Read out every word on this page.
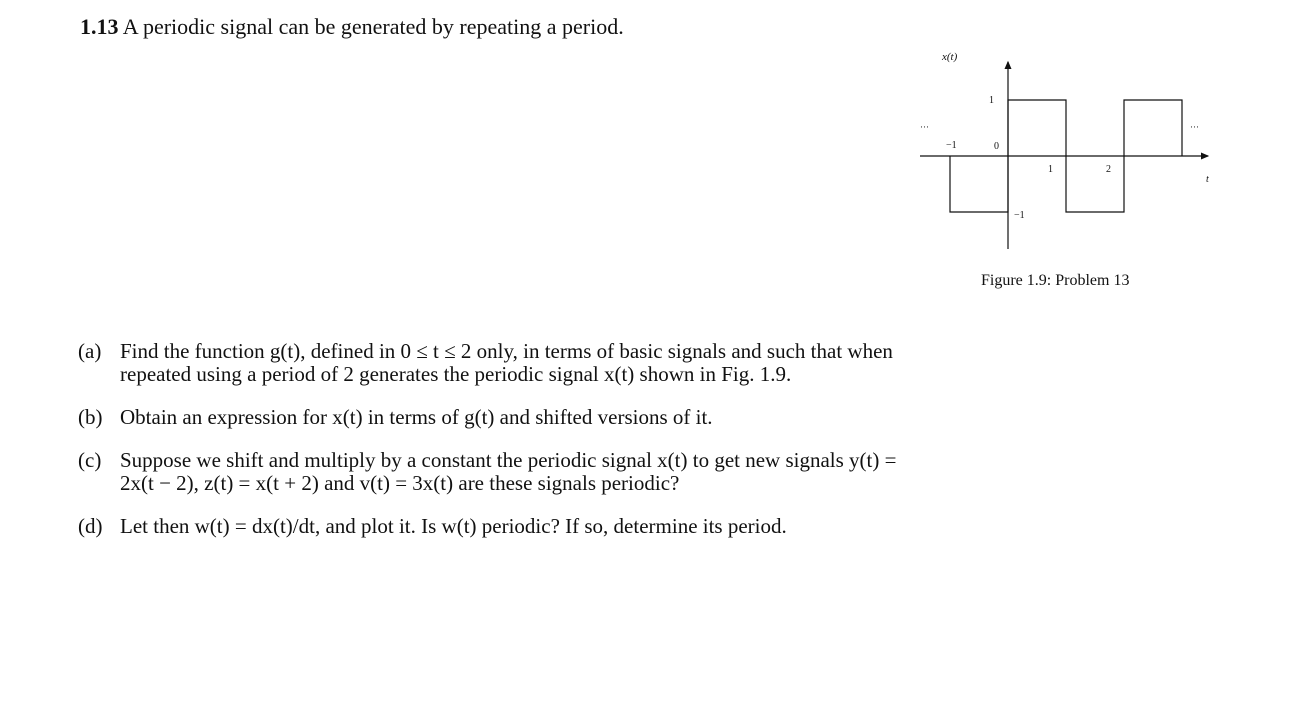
1.13 A periodic signal can be generated by repeating a period.
x(t)
t
1
−1
−1	0
1	2
···	···
Figure 1.9: Problem 13
(a) Find the function g(t), defined in 0 ≤ t ≤ 2 only, in terms of basic signals and such that when
repeated using a period of 2 generates the periodic signal x(t) shown in Fig. 1.9.
(b) Obtain an expression for x(t) in terms of g(t) and shifted versions of it.
(c) Suppose we shift and multiply by a constant the periodic signal x(t) to get new signals y(t) =
2x(t − 2), z(t) = x(t + 2) and v(t) = 3x(t) are these signals periodic?
(d) Let then w(t) = dx(t)/dt, and plot it. Is w(t) periodic? If so, determine its period.
